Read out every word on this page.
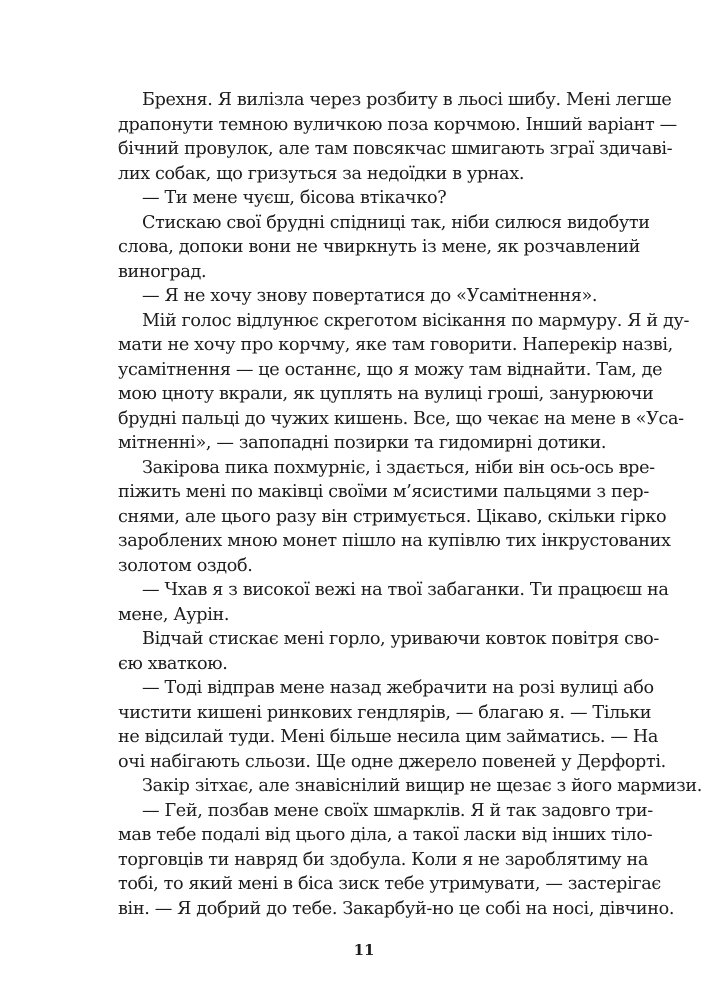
Брехня. Я вилізла через розбиту в льосі шибу. Мені легше
драпонути темною вуличкою поза корчмою. Інший варіант —
бічний провулок, але там повсякчас шмигають зграї здичаві-
лих собак, що гризуться за недоїдки в урнах.
— Ти мене чуєш, бісова втікачко?
Стискаю свої брудні спідниці так, ніби силюся видобути
слова, допоки вони не чвиркнуть із мене, як розчавлений
виноград.
— Я не хочу знову повертатися до «Усамітнення».
Мій голос відлунює скреготом вісікання по мармуру. Я й ду-
мати не хочу про корчму, яке там говорити. Наперекір назві,
усамітнення — це останнє, що я можу там віднайти. Там, де
мою цноту вкрали, як цуплять на вулиці гроші, занурюючи
брудні пальці до чужих кишень. Все, що чекає на мене в «Уса-
мітненні», — запопадні позирки та гидомирні дотики.
Закірова пика похмурніє, і здається, ніби він ось-ось вре-
піжить мені по маківці своїми м’ясистими пальцями з пер-
снями, але цього разу він стримується. Цікаво, скільки гірко
зароблених мною монет пішло на купівлю тих інкрустованих
золотом оздоб.
— Чхав я з високої вежі на твої забаганки. Ти працюєш на
мене, Аурін.
Відчай стискає мені горло, уриваючи ковток повітря сво-
єю хваткою.
— Тоді відправ мене назад жебрачити на розі вулиці або
чистити кишені ринкових гендлярів, — благаю я. — Тільки
не відсилай туди. Мені більше несила цим займатись. — На
очі набігають сльози. Ще одне джерело повеней у Дерфорті.
Закір зітхає, але знавіснілий вищир не щезає з його мармизи.
— Гей, позбав мене своїх шмарклів. Я й так задовго три-
мав тебе подалі від цього діла, а такої ласки від інших тіло-
торговців ти навряд би здобула. Коли я не зароблятиму на
тобі, то який мені в біса зиск тебе утримувати, — застерігає
він. — Я добрий до тебе. Закарбуй-но це собі на носі, дівчино.
11
